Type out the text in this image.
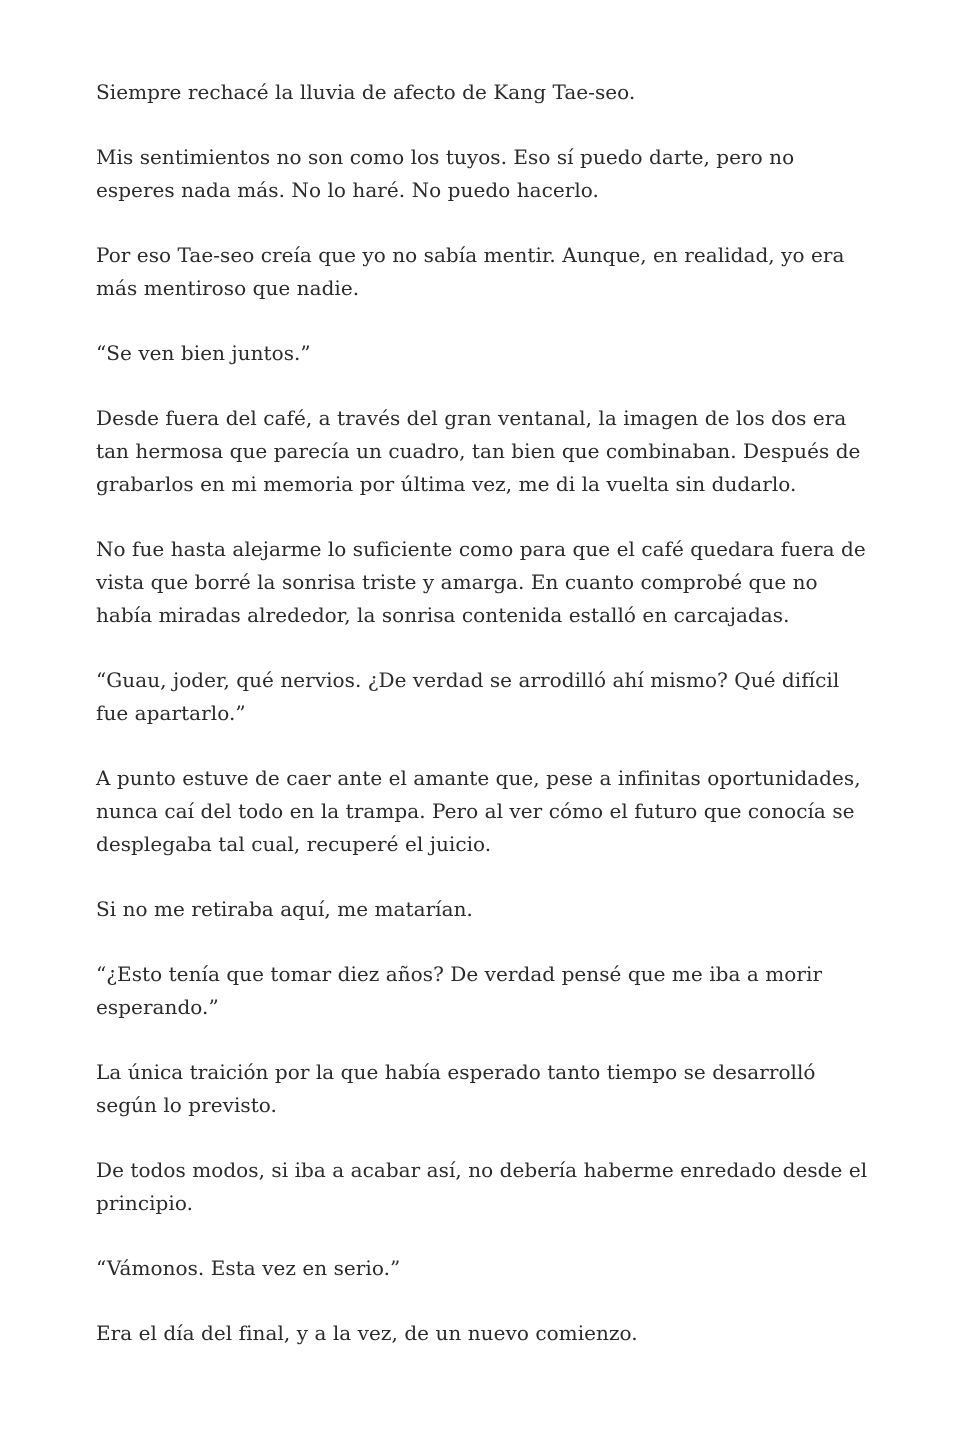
Siempre rechacé la lluvia de afecto de Kang Tae-seo.

Mis sentimientos no son como los tuyos. Eso sí puedo darte, pero no esperes nada más. No lo haré. No puedo hacerlo.

Por eso Tae-seo creía que yo no sabía mentir. Aunque, en realidad, yo era más mentiroso que nadie.

“Se ven bien juntos.”

Desde fuera del café, a través del gran ventanal, la imagen de los dos era tan hermosa que parecía un cuadro, tan bien que combinaban. Después de grabarlos en mi memoria por última vez, me di la vuelta sin dudarlo.

No fue hasta alejarme lo suficiente como para que el café quedara fuera de vista que borré la sonrisa triste y amarga. En cuanto comprobé que no había miradas alrededor, la sonrisa contenida estalló en carcajadas.

“Guau, joder, qué nervios. ¿De verdad se arrodilló ahí mismo? Qué difícil fue apartarlo.”

A punto estuve de caer ante el amante que, pese a infinitas oportunidades, nunca caí del todo en la trampa. Pero al ver cómo el futuro que conocía se desplegaba tal cual, recuperé el juicio.

Si no me retiraba aquí, me matarían.

“¿Esto tenía que tomar diez años? De verdad pensé que me iba a morir esperando.”

La única traición por la que había esperado tanto tiempo se desarrolló según lo previsto.

De todos modos, si iba a acabar así, no debería haberme enredado desde el principio.

“Vámonos. Esta vez en serio.”

Era el día del final, y a la vez, de un nuevo comienzo.
